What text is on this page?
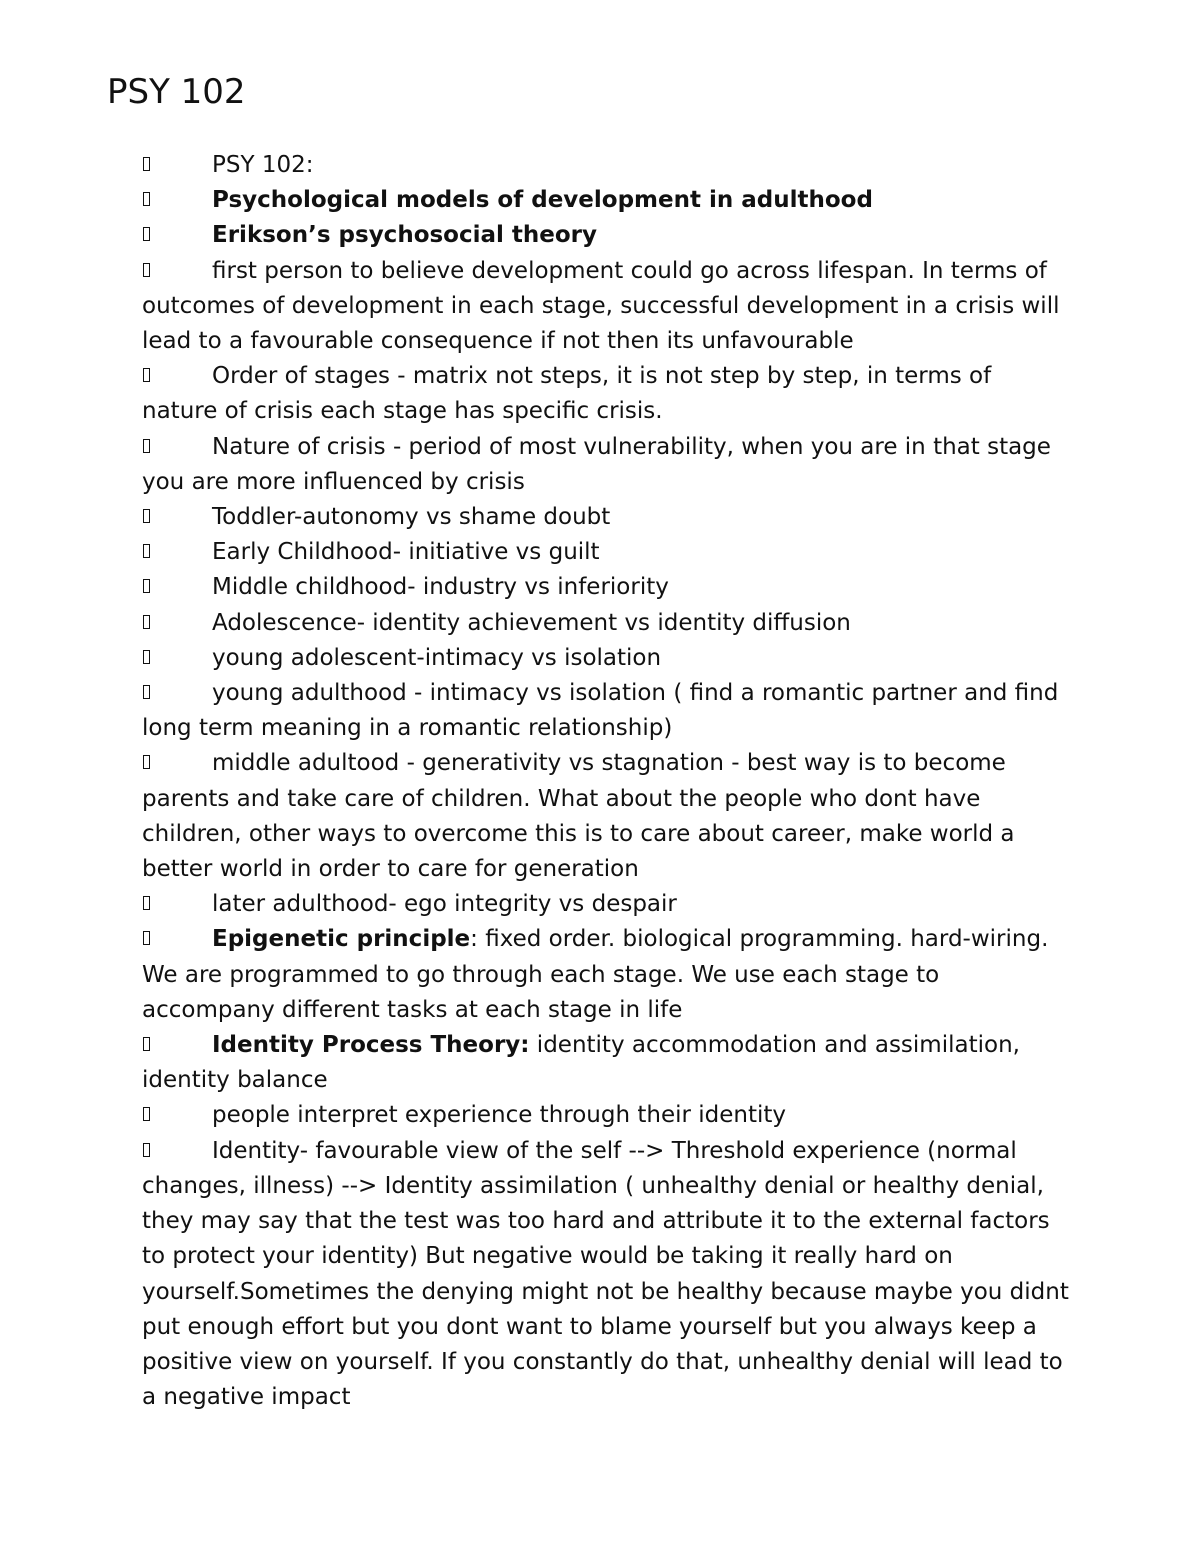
PSY 102

PSY 102:

Psychological models of development in adulthood

Erikson’s psychosocial theory

first person to believe development could go across lifespan. In terms of outcomes of development in each stage, successful development in a crisis will lead to a favourable consequence if not then its unfavourable

Order of stages - matrix not steps, it is not step by step, in terms of nature of crisis each stage has specific crisis.

Nature of crisis - period of most vulnerability, when you are in that stage you are more influenced by crisis

Toddler-autonomy vs shame doubt

Early Childhood- initiative vs guilt

Middle childhood- industry vs inferiority

Adolescence- identity achievement vs identity diffusion

young adolescent-intimacy vs isolation

young adulthood - intimacy vs isolation ( find a romantic partner and find long term meaning in a romantic relationship)

middle adultood - generativity vs stagnation - best way is to become parents and take care of children. What about the people who dont have children, other ways to overcome this is to care about career, make world a better world in order to care for generation

later adulthood- ego integrity vs despair

Epigenetic principle: fixed order. biological programming. hard-wiring. We are programmed to go through each stage. We use each stage to accompany different tasks at each stage in life

Identity Process Theory: identity accommodation and assimilation, identity balance

people interpret experience through their identity

Identity- favourable view of the self --> Threshold experience (normal changes, illness) --> Identity assimilation ( unhealthy denial or healthy denial, they may say that the test was too hard and attribute it to the external factors to protect your identity) But negative would be taking it really hard on yourself.Sometimes the denying might not be healthy because maybe you didnt put enough effort but you dont want to blame yourself but you always keep a positive view on yourself. If you constantly do that, unhealthy denial will lead to a negative impact
